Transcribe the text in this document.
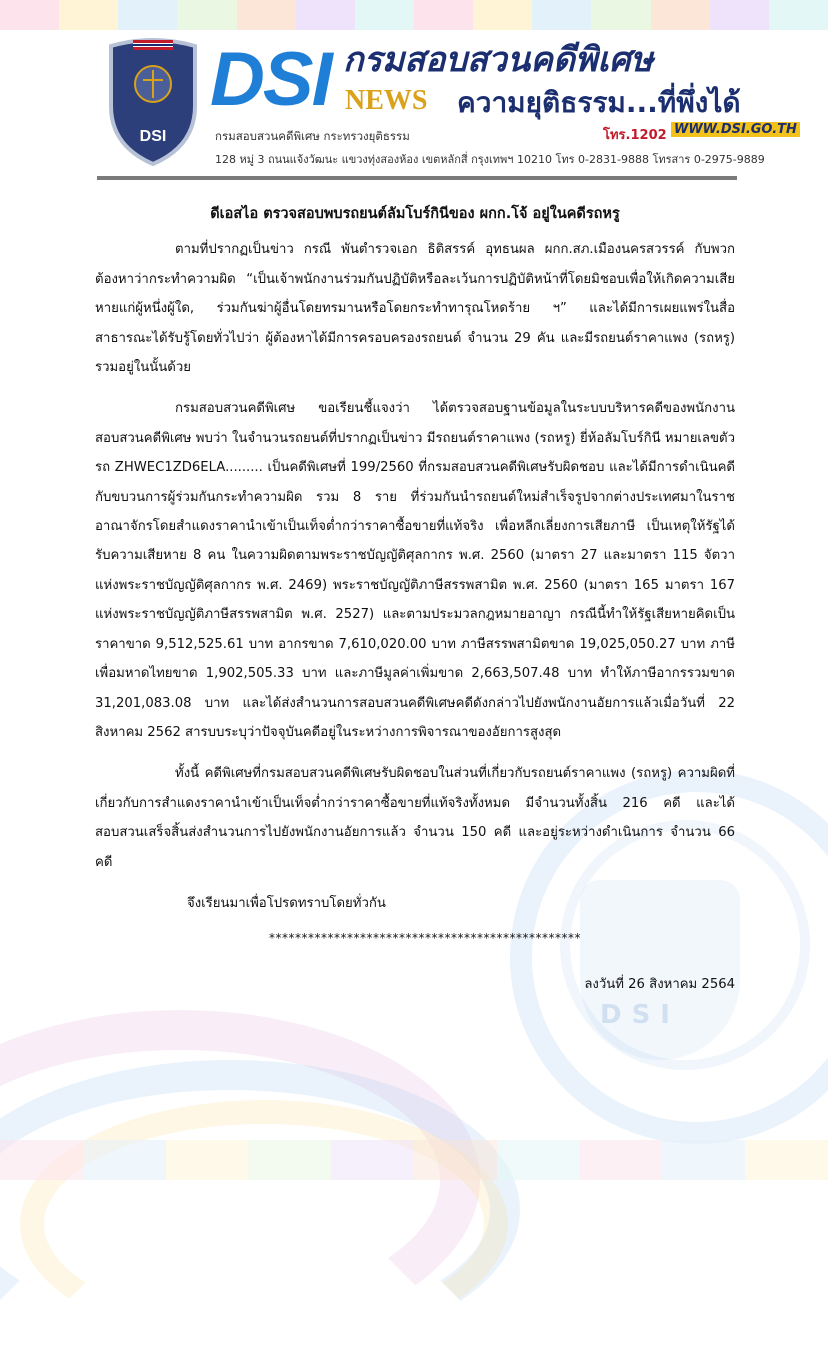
DSI
DSI
DSI กรมสอบสวนคดีพิเศษ
NEWS ความยุติธรรม...ที่พึ่งได้
กรมสอบสวนคดีพิเศษ กระทรวงยุติธรรม	โทร.1202 WWW.DSI.GO.TH
128 หมู่ 3 ถนนแจ้งวัฒนะ แขวงทุ่งสองห้อง เขตหลักสี่ กรุงเทพฯ 10210 โทร 0-2831-9888 โทรสาร 0-2975-9889
ดีเอสไอ ตรวจสอบพบรถยนต์ลัมโบร์กินีของ ผกก.โจ้ อยู่ในคดีรถหรู

ตามที่ปรากฏเป็นข่าว กรณี พันตำรวจเอก ธิติสรรค์ อุทธนผล ผกก.สภ.เมืองนครสวรรค์ กับพวก ต้องหาว่ากระทำความผิด “เป็นเจ้าพนักงานร่วมกันปฏิบัติหรือละเว้นการปฏิบัติหน้าที่โดยมิชอบเพื่อให้เกิดความเสียหายแก่ผู้หนึ่งผู้ใด, ร่วมกันฆ่าผู้อื่นโดยทรมานหรือโดยกระทำทารุณโหดร้าย ฯ” และได้มีการเผยแพร่ในสื่อสาธารณะได้รับรู้โดยทั่วไปว่า ผู้ต้องหาได้มีการครอบครองรถยนต์ จำนวน 29 คัน และมีรถยนต์ราคาแพง (รถหรู) รวมอยู่ในนั้นด้วย

กรมสอบสวนคดีพิเศษ ขอเรียนชี้แจงว่า ได้ตรวจสอบฐานข้อมูลในระบบบริหารคดีของพนักงานสอบสวนคดีพิเศษ พบว่า ในจำนวนรถยนต์ที่ปรากฏเป็นข่าว มีรถยนต์ราคาแพง (รถหรู) ยี่ห้อลัมโบร์กินี หมายเลขตัวรถ ZHWEC1ZD6ELA......... เป็นคดีพิเศษที่ 199/2560 ที่กรมสอบสวนคดีพิเศษรับผิดชอบ และได้มีการดำเนินคดีกับขบวนการผู้ร่วมกันกระทำความผิด รวม 8 ราย ที่ร่วมกันนำรถยนต์ใหม่สำเร็จรูปจากต่างประเทศมาในราชอาณาจักรโดยสำแดงราคานำเข้าเป็นเท็จต่ำกว่าราคาซื้อขายที่แท้จริง เพื่อหลีกเลี่ยงการเสียภาษี เป็นเหตุให้รัฐได้รับความเสียหาย 8 คน ในความผิดตามพระราชบัญญัติศุลกากร พ.ศ. 2560 (มาตรา 27 และมาตรา 115 จัตวา แห่งพระราชบัญญัติศุลกากร พ.ศ. 2469) พระราชบัญญัติภาษีสรรพสามิต พ.ศ. 2560 (มาตรา 165 มาตรา 167 แห่งพระราชบัญญัติภาษีสรรพสามิต พ.ศ. 2527) และตามประมวลกฎหมายอาญา กรณีนี้ทำให้รัฐเสียหายคิดเป็นราคาขาด 9,512,525.61 บาท อากรขาด 7,610,020.00 บาท ภาษีสรรพสามิตขาด 19,025,050.27 บาท ภาษีเพื่อมหาดไทยขาด 1,902,505.33 บาท และภาษีมูลค่าเพิ่มขาด 2,663,507.48 บาท ทำให้ภาษีอากรรวมขาด 31,201,083.08 บาท และได้ส่งสำนวนการสอบสวนคดีพิเศษคดีดังกล่าวไปยังพนักงานอัยการแล้วเมื่อวันที่ 22 สิงหาคม 2562 สารบบระบุว่าปัจจุบันคดีอยู่ในระหว่างการพิจารณาของอัยการสูงสุด

ทั้งนี้ คดีพิเศษที่กรมสอบสวนคดีพิเศษรับผิดชอบในส่วนที่เกี่ยวกับรถยนต์ราคาแพง (รถหรู) ความผิดที่เกี่ยวกับการสำแดงราคานำเข้าเป็นเท็จต่ำกว่าราคาซื้อขายที่แท้จริงทั้งหมด มีจำนวนทั้งสิ้น 216 คดี และได้สอบสวนเสร็จสิ้นส่งสำนวนการไปยังพนักงานอัยการแล้ว จำนวน 150 คดี และอยู่ระหว่างดำเนินการ จำนวน 66 คดี

จึงเรียนมาเพื่อโปรดทราบโดยทั่วกัน
************************************************
ลงวันที่ 26 สิงหาคม 2564
